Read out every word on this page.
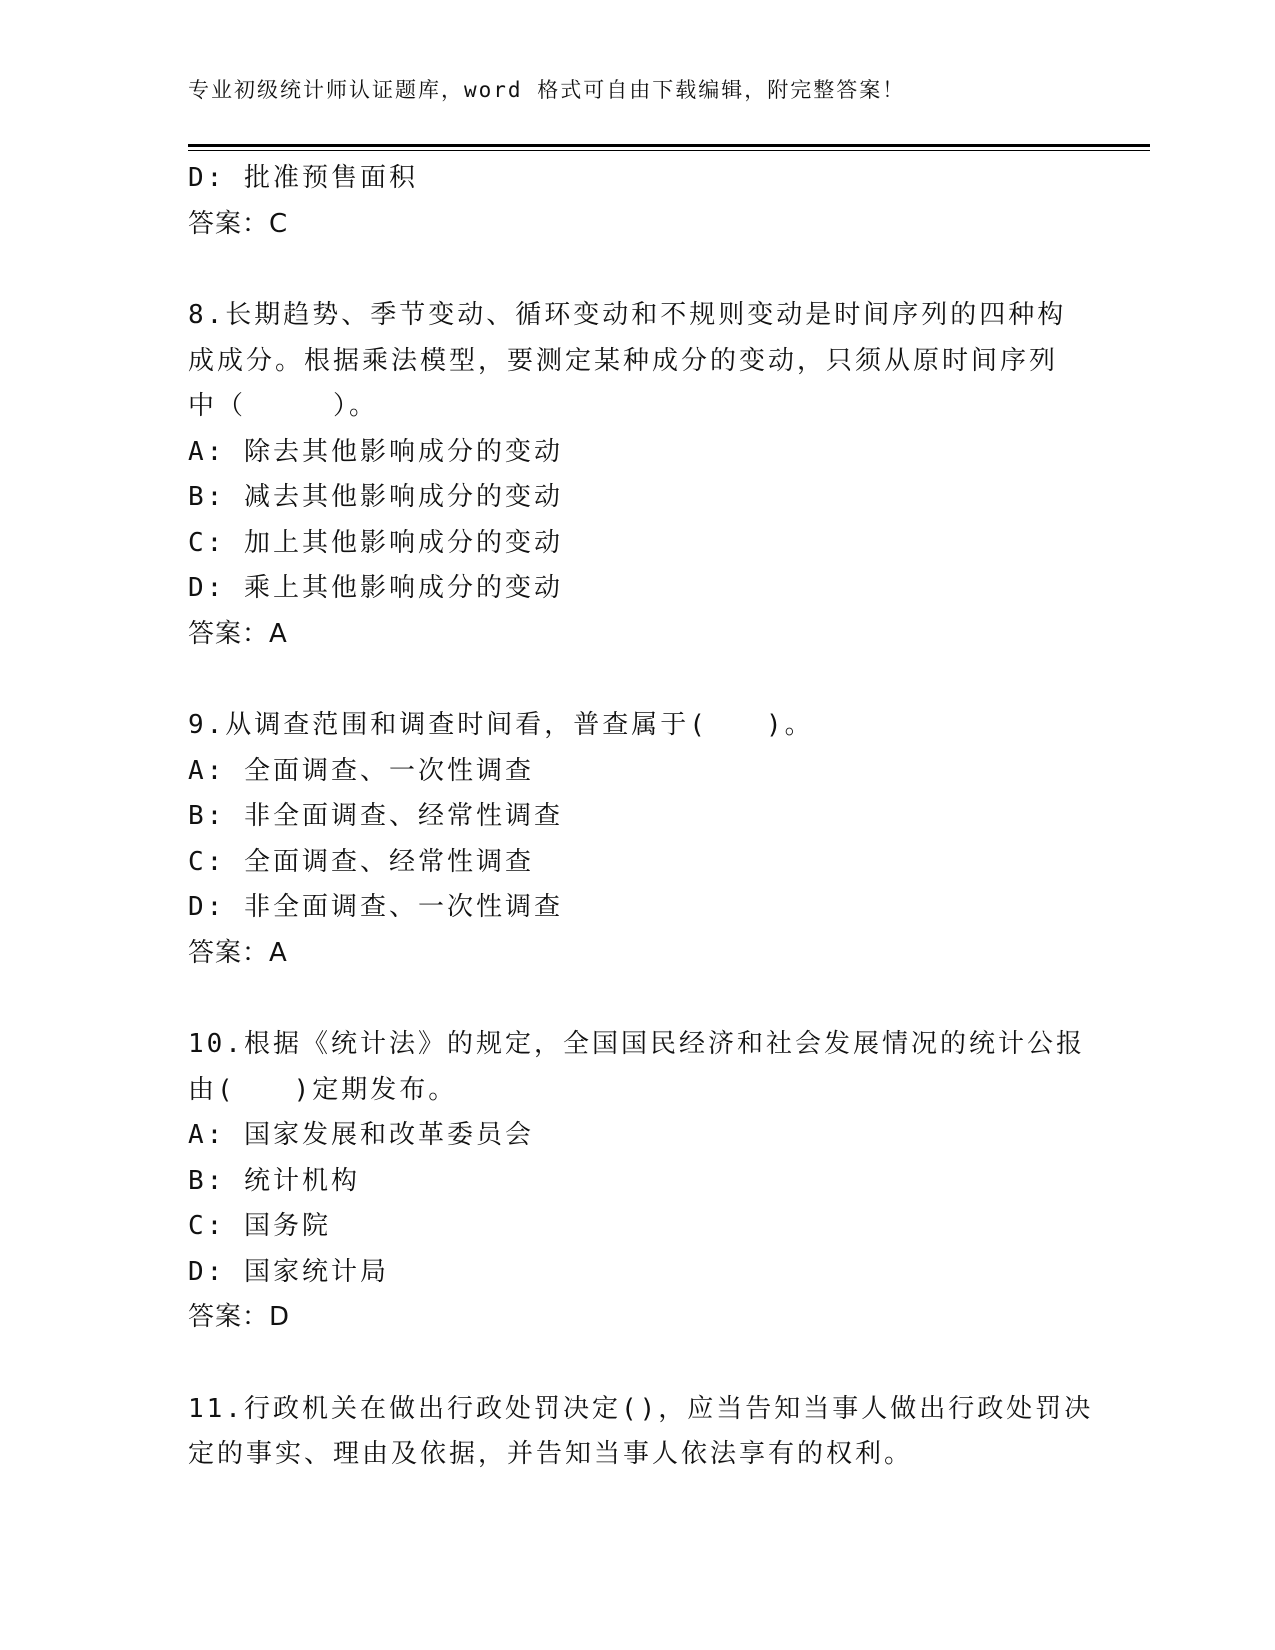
专业初级统计师认证题库，word 格式可自由下载编辑，附完整答案！
D: 批准预售面积
答案：C
8.长期趋势、季节变动、循环变动和不规则变动是时间序列的四种构
成成分。根据乘法模型，要测定某种成分的变动，只须从原时间序列
中（　　　）。
A: 除去其他影响成分的变动
B: 减去其他影响成分的变动
C: 加上其他影响成分的变动
D: 乘上其他影响成分的变动
答案：A
9.从调查范围和调查时间看，普查属于(　　)。
A: 全面调查、一次性调查
B: 非全面调查、经常性调查
C: 全面调查、经常性调查
D: 非全面调查、一次性调查
答案：A
10.根据《统计法》的规定，全国国民经济和社会发展情况的统计公报
由(　　)定期发布。
A: 国家发展和改革委员会
B: 统计机构
C: 国务院
D: 国家统计局
答案：D
11.行政机关在做出行政处罚决定()，应当告知当事人做出行政处罚决
定的事实、理由及依据，并告知当事人依法享有的权利。
